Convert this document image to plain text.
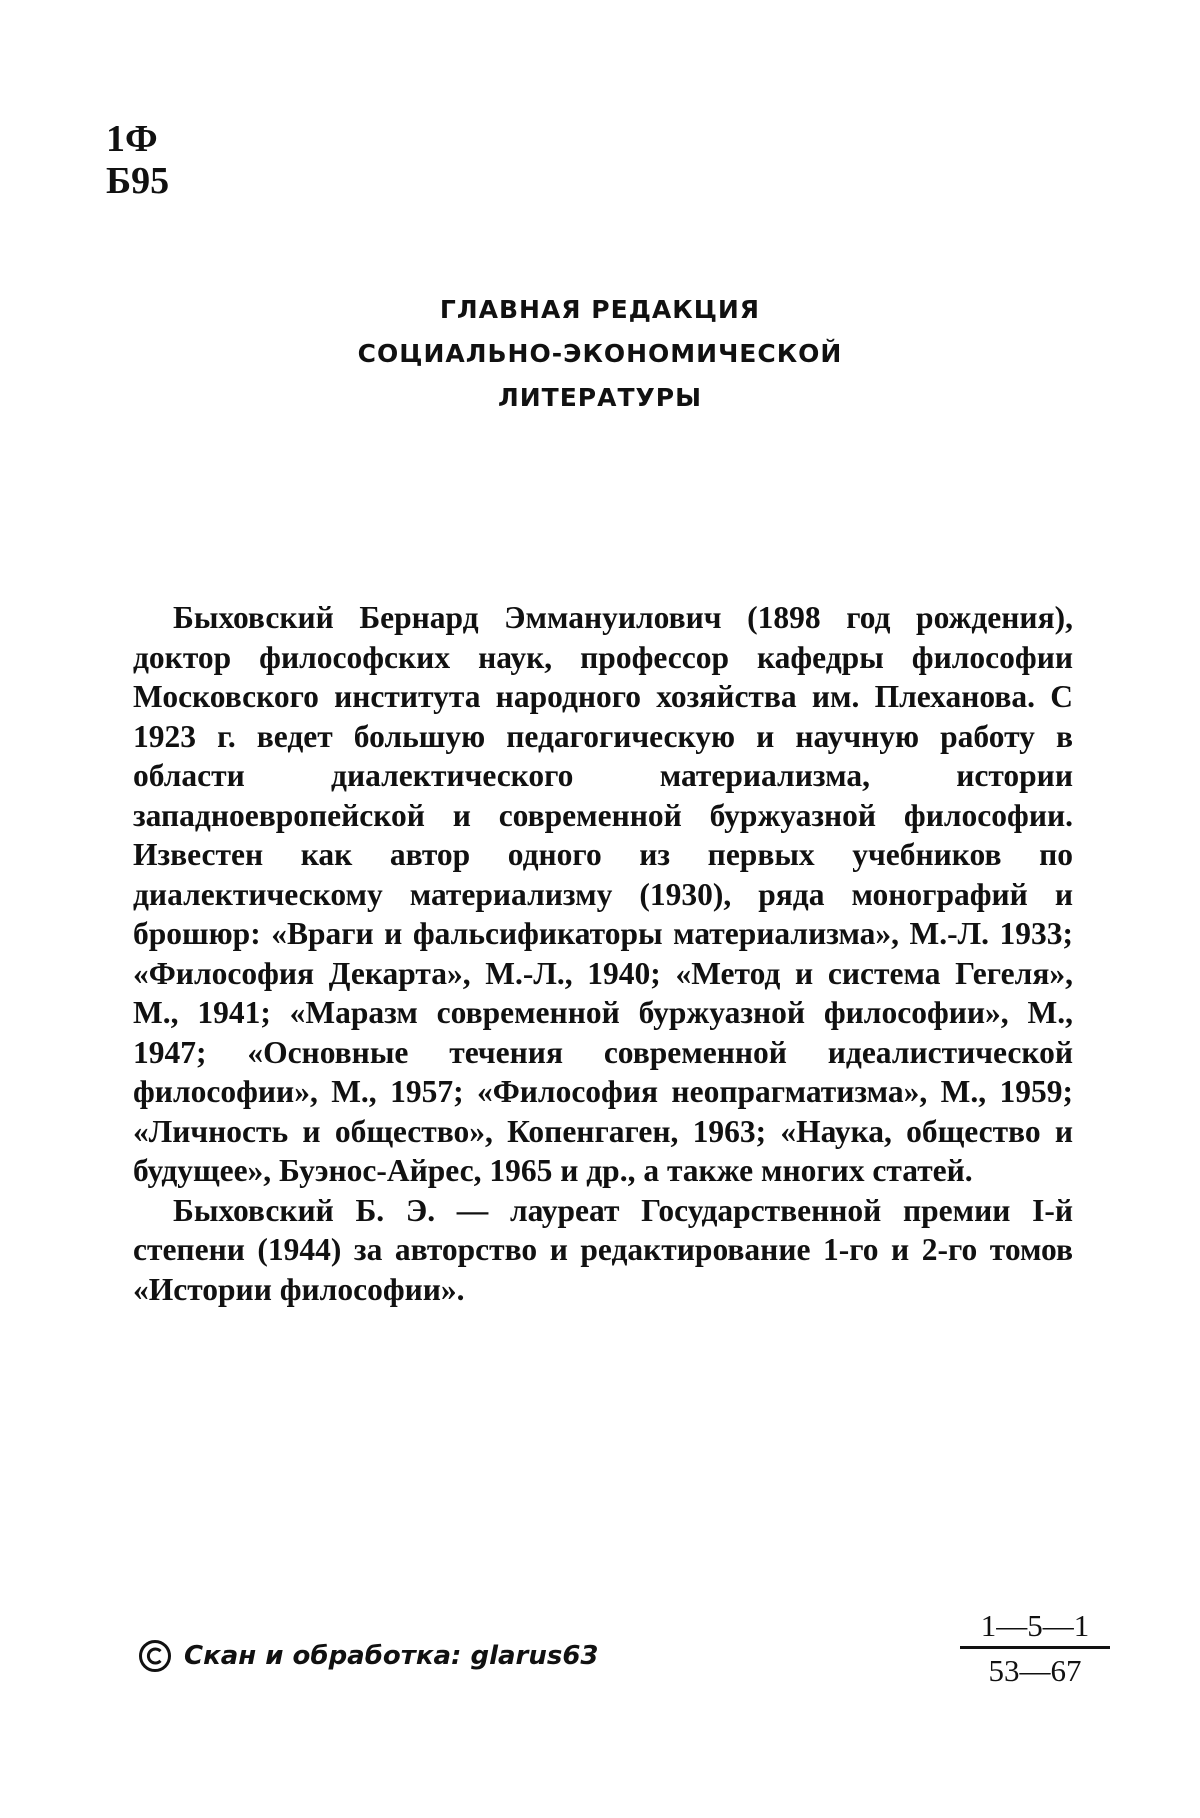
1Ф
Б95
ГЛАВНАЯ РЕДАКЦИЯ
СОЦИАЛЬНО-ЭКОНОМИЧЕСКОЙ
ЛИТЕРАТУРЫ

Быховский Бернард Эммануилович (1898 год рождения), доктор философских наук, профессор кафедры философии Московского института народного хозяйства им. Плеханова. С 1923 г. ведет большую педагогическую и научную работу в области диалектического материализма, истории западноевропейской и современной буржуазной философии. Известен как автор одного из первых учебников по диалектическому материализму (1930), ряда монографий и брошюр: «Враги и фальсификаторы материализма», М.-Л. 1933; «Философия Декарта», М.-Л., 1940; «Метод и система Гегеля», М., 1941; «Маразм современной буржуазной философии», М., 1947; «Основные течения современной идеалистической философии», М., 1957; «Философия неопрагматизма», М., 1959; «Личность и общество», Копенгаген, 1963; «Наука, общество и будущее», Буэнос-Айрес, 1965 и др., а также многих статей.

Быховский Б. Э. — лауреат Государственной премии I-й степени (1944) за авторство и редактирование 1-го и 2-го томов «Истории философии».

Скан и обработка: glarus63	$\frac{1—5—1}{53—67}$
